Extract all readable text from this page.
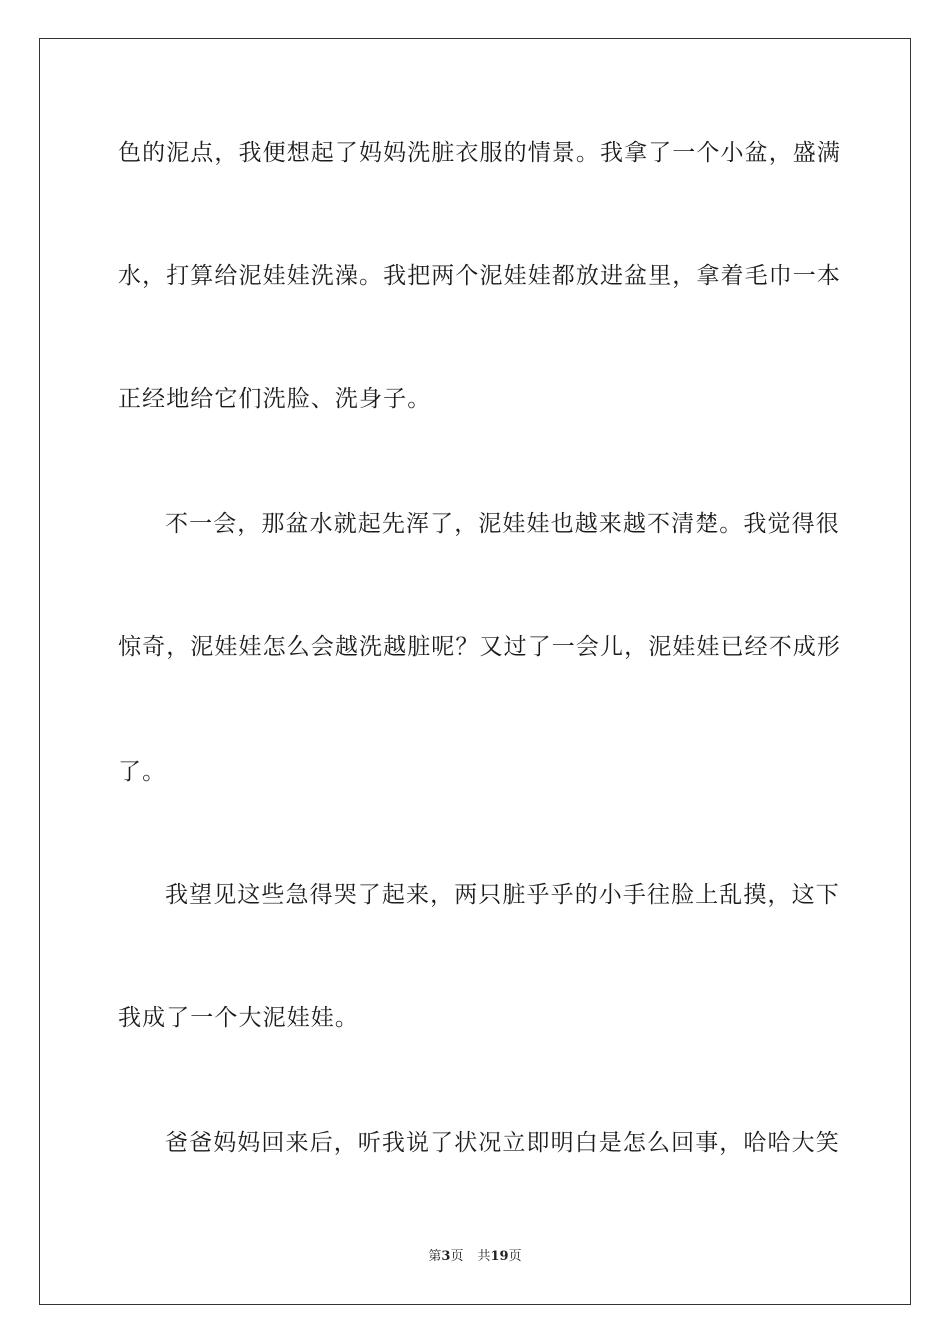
色的泥点，我便想起了妈妈洗脏衣服的情景。我拿了一个小盆，盛满
水，打算给泥娃娃洗澡。我把两个泥娃娃都放进盆里，拿着毛巾一本
正经地给它们洗脸、洗身子。
不一会，那盆水就起先浑了，泥娃娃也越来越不清楚。我觉得很
惊奇，泥娃娃怎么会越洗越脏呢？又过了一会儿，泥娃娃已经不成形
了。
我望见这些急得哭了起来，两只脏乎乎的小手往脸上乱摸，这下
我成了一个大泥娃娃。
爸爸妈妈回来后，听我说了状况立即明白是怎么回事，哈哈大笑
第3页 共19页
